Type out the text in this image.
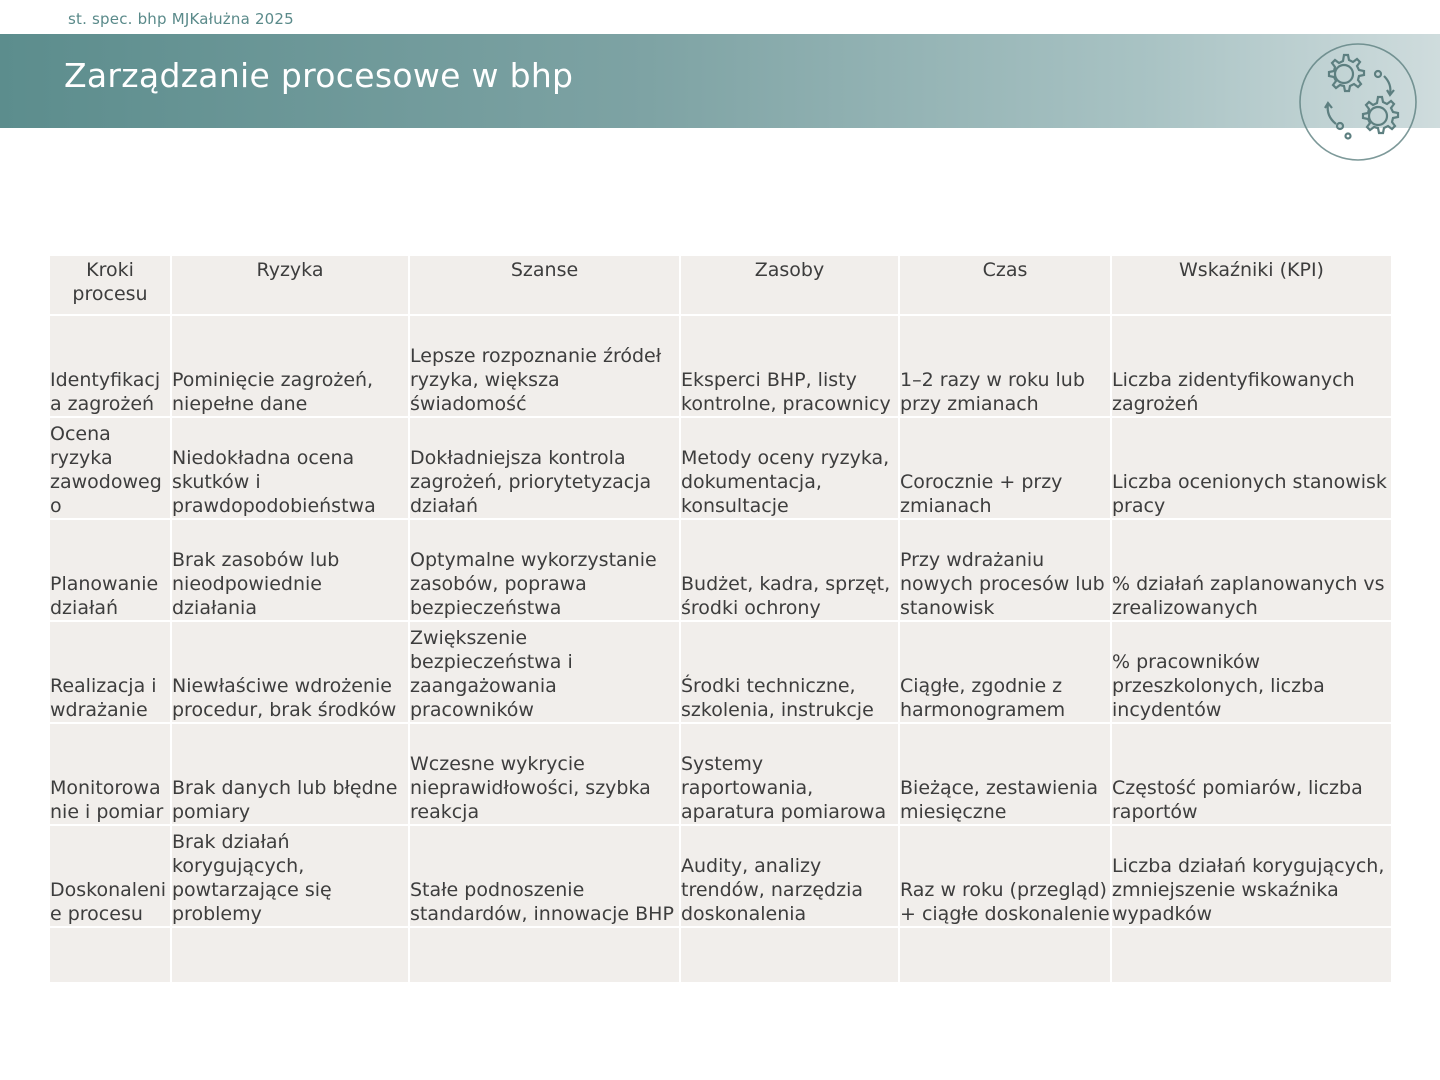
st. spec. bhp MJKałużna 2025
Zarządzanie procesowe w bhp
Kroki procesu	Ryzyka	Szanse	Zasoby	Czas	Wskaźniki (KPI)
Identyfikacja zagrożeń	Pominięcie zagrożeń, niepełne dane	Lepsze rozpoznanie źródeł ryzyka, większa świadomość	Eksperci BHP, listy kontrolne, pracownicy	1–2 razy w roku lub przy zmianach	Liczba zidentyfikowanych zagrożeń
Ocena ryzyka zawodowego	Niedokładna ocena skutków i prawdopodobieństwa	Dokładniejsza kontrola zagrożeń, priorytetyzacja działań	Metody oceny ryzyka, dokumentacja, konsultacje	Corocznie + przy zmianach	Liczba ocenionych stanowisk pracy
Planowanie działań	Brak zasobów lub nieodpowiednie działania	Optymalne wykorzystanie zasobów, poprawa bezpieczeństwa	Budżet, kadra, sprzęt, środki ochrony	Przy wdrażaniu nowych procesów lub stanowisk	% działań zaplanowanych vs zrealizowanych
Realizacja i wdrażanie	Niewłaściwe wdrożenie procedur, brak środków	Zwiększenie bezpieczeństwa i zaangażowania pracowników	Środki techniczne, szkolenia, instrukcje	Ciągłe, zgodnie z harmonogramem	% pracowników przeszkolonych, liczba incydentów
Monitorowanie i pomiar	Brak danych lub błędne pomiary	Wczesne wykrycie nieprawidłowości, szybka reakcja	Systemy raportowania, aparatura pomiarowa	Bieżące, zestawienia miesięczne	Częstość pomiarów, liczba raportów
Doskonalenie procesu	Brak działań korygujących, powtarzające się problemy	Stałe podnoszenie standardów, innowacje BHP	Audity, analizy trendów, narzędzia doskonalenia	Raz w roku (przegląd) + ciągłe doskonalenie	Liczba działań korygujących, zmniejszenie wskaźnika wypadków
